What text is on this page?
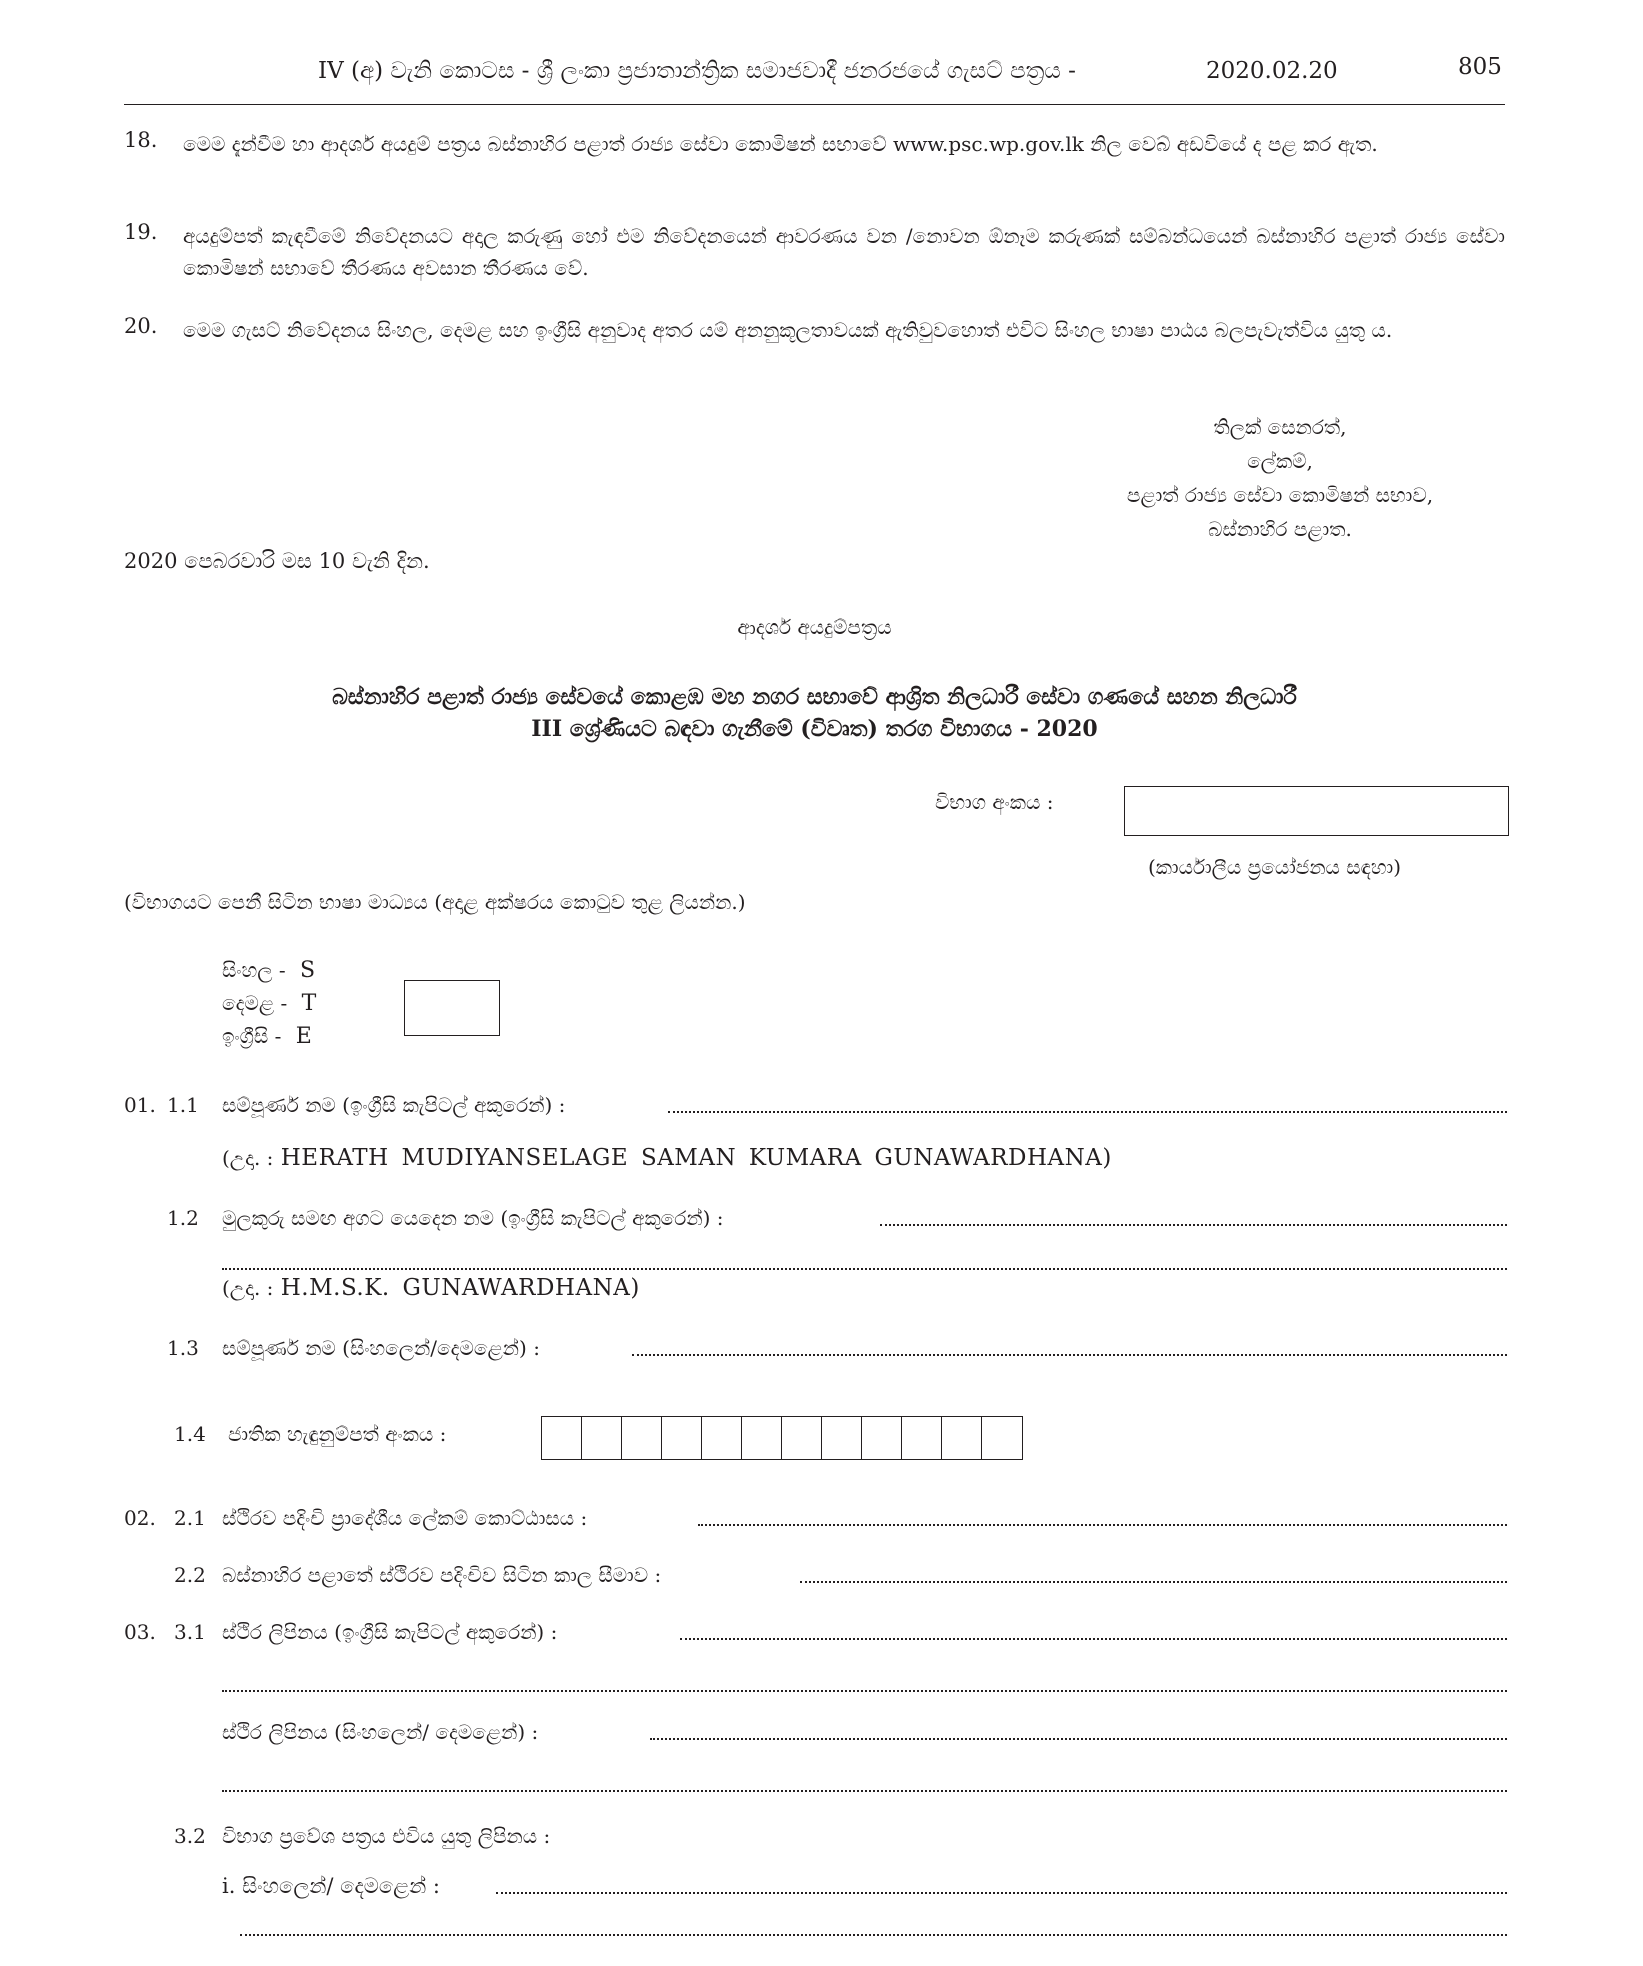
IV (අ) වැනි කොටස - ශ්‍රී ලංකා ප්‍රජාතාන්ත්‍රික සමාජවාදී ජනරජයේ ගැසට් පත්‍රය -	2020.02.20	805
18. මෙම දැන්වීම හා ආදර්ශ අයදුම් පත්‍රය බස්නාහිර පළාත් රාජ්‍ය සේවා කොමිෂන් සභාවේ www.psc.wp.gov.lk නිල වෙබ් අඩවියේ ද පළ කර ඇත.
19. අයදුම්පත් කැඳවීමේ නිවේදනයට අදාල කරුණු හෝ එම නිවේදනයෙන් ආවරණය වන /නොවන ඕනෑම කරුණක් සම්බන්ධයෙන් බස්නාහිර පළාත් රාජ්‍ය සේවා කොමිෂන් සභාවේ තීරණය අවසාන තීරණය වේ.
20. මෙම ගැසට් නිවේදනය සිංහල, දෙමළ සහ ඉංග්‍රීසි අනුවාද අතර යම් අනනුකූලතාවයක් ඇතිවුවහොත් එවිට සිංහල භාෂා පාඨය බලපැවැත්විය යුතු ය.
තිලක් සෙනරත්,
ලේකම්,
පළාත් රාජ්‍ය සේවා කොමිෂන් සභාව,
බස්නාහිර පළාත.
2020 පෙබරවාරි මස 10 වැනි දින.
ආදර්ශ අයදුම්පත්‍රය
බස්නාහිර පළාත් රාජ්‍ය සේවයේ කොළඹ මහ නගර සභාවේ ආශ්‍රිත නිලධාරී සේවා ගණයේ සහන නිලධාරී
III ශ්‍රේණියට බඳවා ගැනීමේ (විවෘත) තරග විභාගය - 2020
විභාග අංකය :
(කාර්යාලීය ප්‍රයෝජනය සඳහා)
(විභාගයට පෙනී සිටින භාෂා මාධ්‍යය (අදාළ අක්ෂරය කොටුව තුළ ලියන්න.)
සිංහල - S
දෙමළ - T
ඉංග්‍රීසි - E
01. 1.1 සම්පූර්ණ නම (ඉංග්‍රීසි කැපිටල් අකුරෙන්) :
(උදා. : HERATH MUDIYANSELAGE SAMAN KUMARA GUNAWARDHANA)
1.2 මුලකුරු සමඟ අගට යෙදෙන නම (ඉංග්‍රීසි කැපිටල් අකුරෙන්) :
(උදා. : H.M.S.K. GUNAWARDHANA)
1.3 සම්පූර්ණ නම (සිංහලෙන්/දෙමළෙන්) :
1.4 ජාතික හැඳුනුම්පත් අංකය :
02. 2.1 ස්ථිරව පදිංචි ප්‍රාදේශීය ලේකම් කොට්ඨාසය :
2.2 බස්නාහිර පළාතේ ස්ථිරව පදිංචිව සිටින කාල සීමාව :
03. 3.1 ස්ථිර ලිපිනය (ඉංග්‍රීසි කැපිටල් අකුරෙන්) :
ස්ථිර ලිපිනය (සිංහලෙන්/ දෙමළෙන්) :
3.2 විභාග ප්‍රවේශ පත්‍රය එවිය යුතු ලිපිනය :
i. සිංහලෙන්/ දෙමළෙන් :
